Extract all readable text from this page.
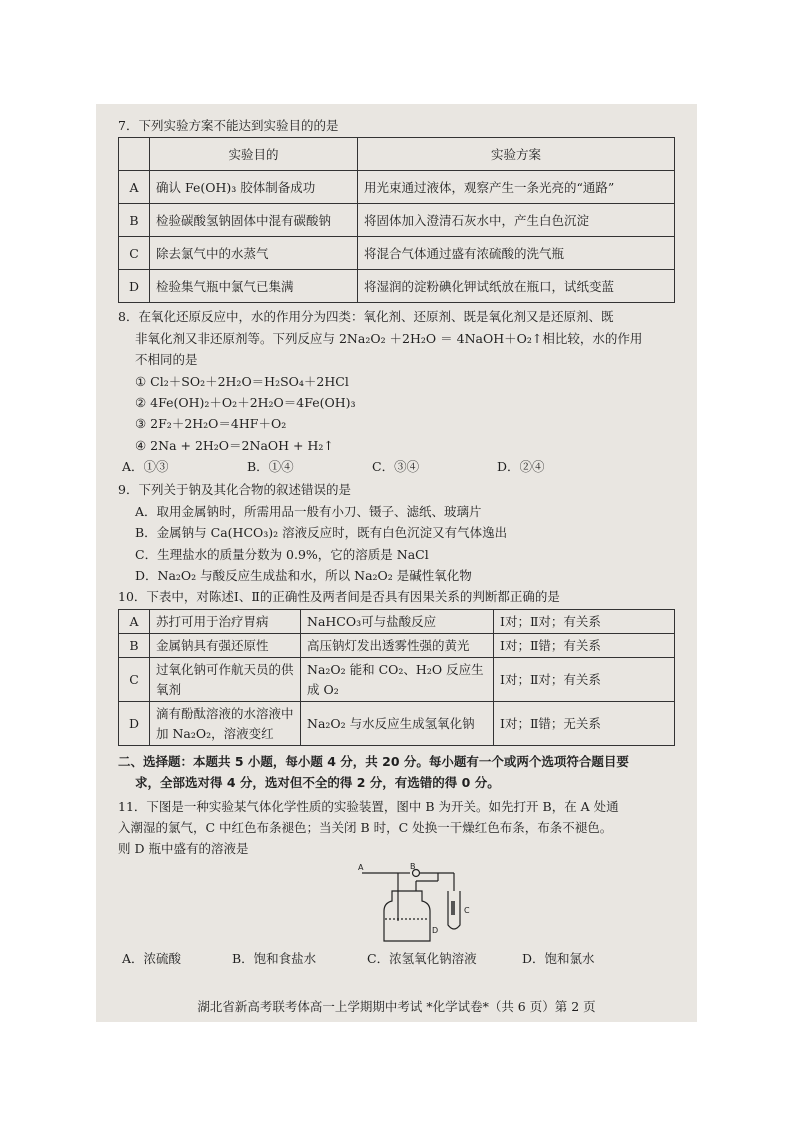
7．下列实验方案不能达到实验目的的是

	实验目的	实验方案
A	确认 Fe(OH)₃ 胶体制备成功	用光束通过液体，观察产生一条光亮的“通路”
B	检验碳酸氢钠固体中混有碳酸钠	将固体加入澄清石灰水中，产生白色沉淀
C	除去氯气中的水蒸气	将混合气体通过盛有浓硫酸的洗气瓶
D	检验集气瓶中氯气已集满	将湿润的淀粉碘化钾试纸放在瓶口，试纸变蓝

8．在氧化还原反应中，水的作用分为四类：氧化剂、还原剂、既是氧化剂又是还原剂、既

非氧化剂又非还原剂等。下列反应与 2Na₂O₂ ＋2H₂O ＝ 4NaOH＋O₂↑相比较，水的作用

不相同的是

① Cl₂＋SO₂＋2H₂O＝H₂SO₄＋2HCl

② 4Fe(OH)₂＋O₂＋2H₂O＝4Fe(OH)₃

③ 2F₂＋2H₂O＝4HF＋O₂

④ 2Na + 2H₂O＝2NaOH + H₂↑

A．①③	B．①④	C．③④	D．②④

9．下列关于钠及其化合物的叙述错误的是

A．取用金属钠时，所需用品一般有小刀、镊子、滤纸、玻璃片

B．金属钠与 Ca(HCO₃)₂ 溶液反应时，既有白色沉淀又有气体逸出

C．生理盐水的质量分数为 0.9%，它的溶质是 NaCl

D．Na₂O₂ 与酸反应生成盐和水，所以 Na₂O₂ 是碱性氧化物

10．下表中，对陈述Ⅰ、Ⅱ的正确性及两者间是否具有因果关系的判断都正确的是

A	苏打可用于治疗胃病	NaHCO₃可与盐酸反应	Ⅰ对；Ⅱ对；有关系
B	金属钠具有强还原性	高压钠灯发出透雾性强的黄光	Ⅰ对；Ⅱ错；有关系
C	过氧化钠可作航天员的供氧剂	Na₂O₂ 能和 CO₂、H₂O 反应生成 O₂	Ⅰ对；Ⅱ对；有关系
D	滴有酚酞溶液的水溶液中加 Na₂O₂，溶液变红	Na₂O₂ 与水反应生成氢氧化钠	Ⅰ对；Ⅱ错；无关系

二、选择题：本题共 5 小题，每小题 4 分，共 20 分。每小题有一个或两个选项符合题目要

求，全部选对得 4 分，选对但不全的得 2 分，有选错的得 0 分。

11．下图是一种实验某气体化学性质的实验装置，图中 B 为开关。如先打开 B，在 A 处通

入潮湿的氯气，C 中红色布条褪色；当关闭 B 时，C 处换一干燥红色布条，布条不褪色。

则 D 瓶中盛有的溶液是

A	B
C
D
A．浓硫酸	B．饱和食盐水	C．浓氢氧化钠溶液	D．饱和氯水
湖北省新高考联考体高一上学期期中考试 *化学试卷*（共 6 页）第 2 页
